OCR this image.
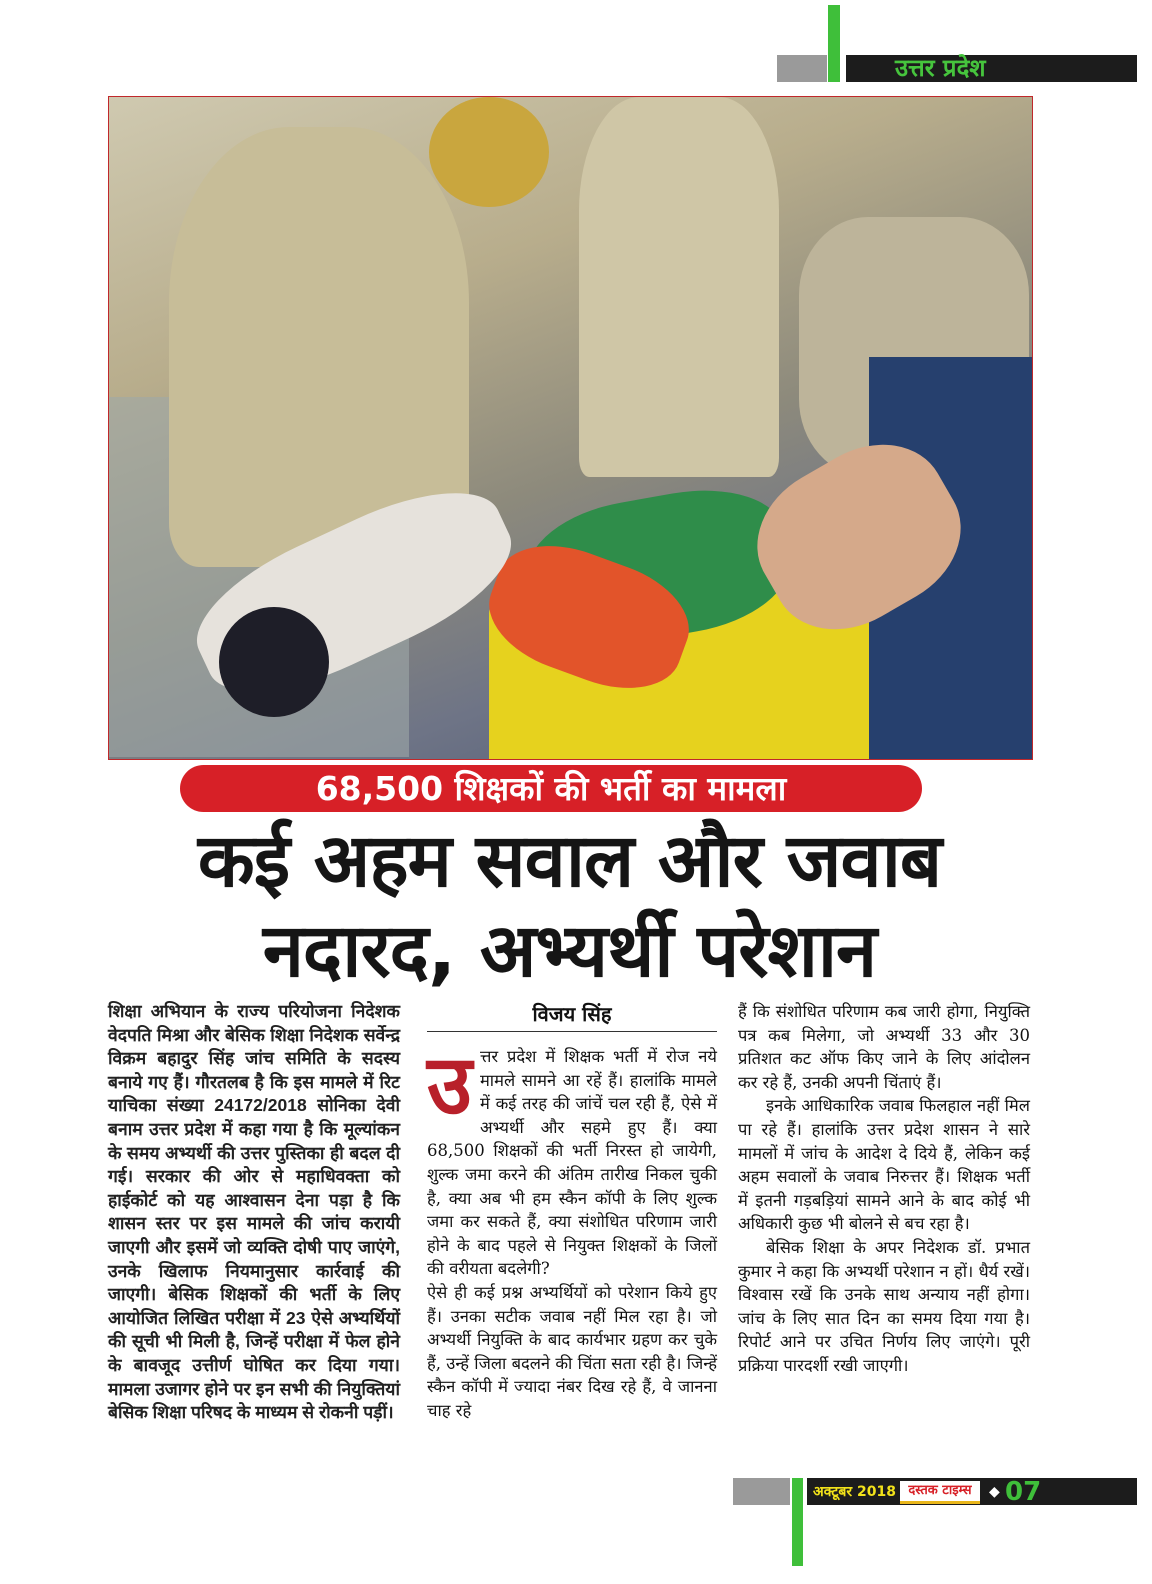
उत्तर प्रदेश
68,500 शिक्षकों की भर्ती का मामला
कई अहम सवाल और जवाब
नदारद, अभ्यर्थी परेशान

शिक्षा अभियान के राज्य परियोजना निदेशक वेदपति मिश्रा और बेसिक शिक्षा निदेशक सर्वेन्द्र विक्रम बहादुर सिंह जांच समिति के सदस्य बनाये गए हैं। गौरतलब है कि इस मामले में रिट याचिका संख्या 24172/2018 सोनिका देवी बनाम उत्तर प्रदेश में कहा गया है कि मूल्यांकन के समय अभ्यर्थी की उत्तर पुस्तिका ही बदल दी गई। सरकार की ओर से महाधिवक्ता को हाईकोर्ट को यह आश्वासन देना पड़ा है कि शासन स्तर पर इस मामले की जांच करायी जाएगी और इसमें जो व्यक्ति दोषी पाए जाएंगे, उनके खिलाफ नियमानुसार कार्रवाई की जाएगी। बेसिक शिक्षकों की भर्ती के लिए आयोजित लिखित परीक्षा में 23 ऐसे अभ्यर्थियों की सूची भी मिली है, जिन्हें परीक्षा में फेल होने के बावजूद उत्तीर्ण घोषित कर दिया गया। मामला उजागर होने पर इन सभी की नियुक्तियां बेसिक शिक्षा परिषद के माध्यम से रोकनी पड़ीं।

विजय सिंह
उ त्तर प्रदेश में शिक्षक भर्ती में रोज नये मामले सामने आ रहें हैं। हालांकि मामले में कई तरह की जांचें चल रही हैं, ऐसे में अभ्यर्थी और सहमे हुए हैं। क्या 68,500 शिक्षकों की भर्ती निरस्त हो जायेगी, शुल्क जमा करने की अंतिम तारीख निकल चुकी है, क्या अब भी हम स्कैन कॉपी के लिए शुल्क जमा कर सकते हैं, क्या संशोधित परिणाम जारी होने के बाद पहले से नियुक्त शिक्षकों के जिलों की वरीयता बदलेगी?

ऐसे ही कई प्रश्न अभ्यर्थियों को परेशान किये हुए हैं। उनका सटीक जवाब नहीं मिल रहा है। जो अभ्यर्थी नियुक्ति के बाद कार्यभार ग्रहण कर चुके हैं, उन्हें जिला बदलने की चिंता सता रही है। जिन्हें स्कैन कॉपी में ज्यादा नंबर दिख रहे हैं, वे जानना चाह रहे

हैं कि संशोधित परिणाम कब जारी होगा, नियुक्ति पत्र कब मिलेगा, जो अभ्यर्थी 33 और 30 प्रतिशत कट ऑफ किए जाने के लिए आंदोलन कर रहे हैं, उनकी अपनी चिंताएं हैं।

इनके आधिकारिक जवाब फिलहाल नहीं मिल पा रहे हैं। हालांकि उत्तर प्रदेश शासन ने सारे मामलों में जांच के आदेश दे दिये हैं, लेकिन कई अहम सवालों के जवाब निरुत्तर हैं। शिक्षक भर्ती में इतनी गड़बड़ियां सामने आने के बाद कोई भी अधिकारी कुछ भी बोलने से बच रहा है।

बेसिक शिक्षा के अपर निदेशक डॉ. प्रभात कुमार ने कहा कि अभ्यर्थी परेशान न हों। धैर्य रखें। विश्वास रखें कि उनके साथ अन्याय नहीं होगा। जांच के लिए सात दिन का समय दिया गया है। रिपोर्ट आने पर उचित निर्णय लिए जाएंगे। पूरी प्रक्रिया पारदर्शी रखी जाएगी।

अक्टूबर 2018 दस्तक टाइम्स	◆ 07
